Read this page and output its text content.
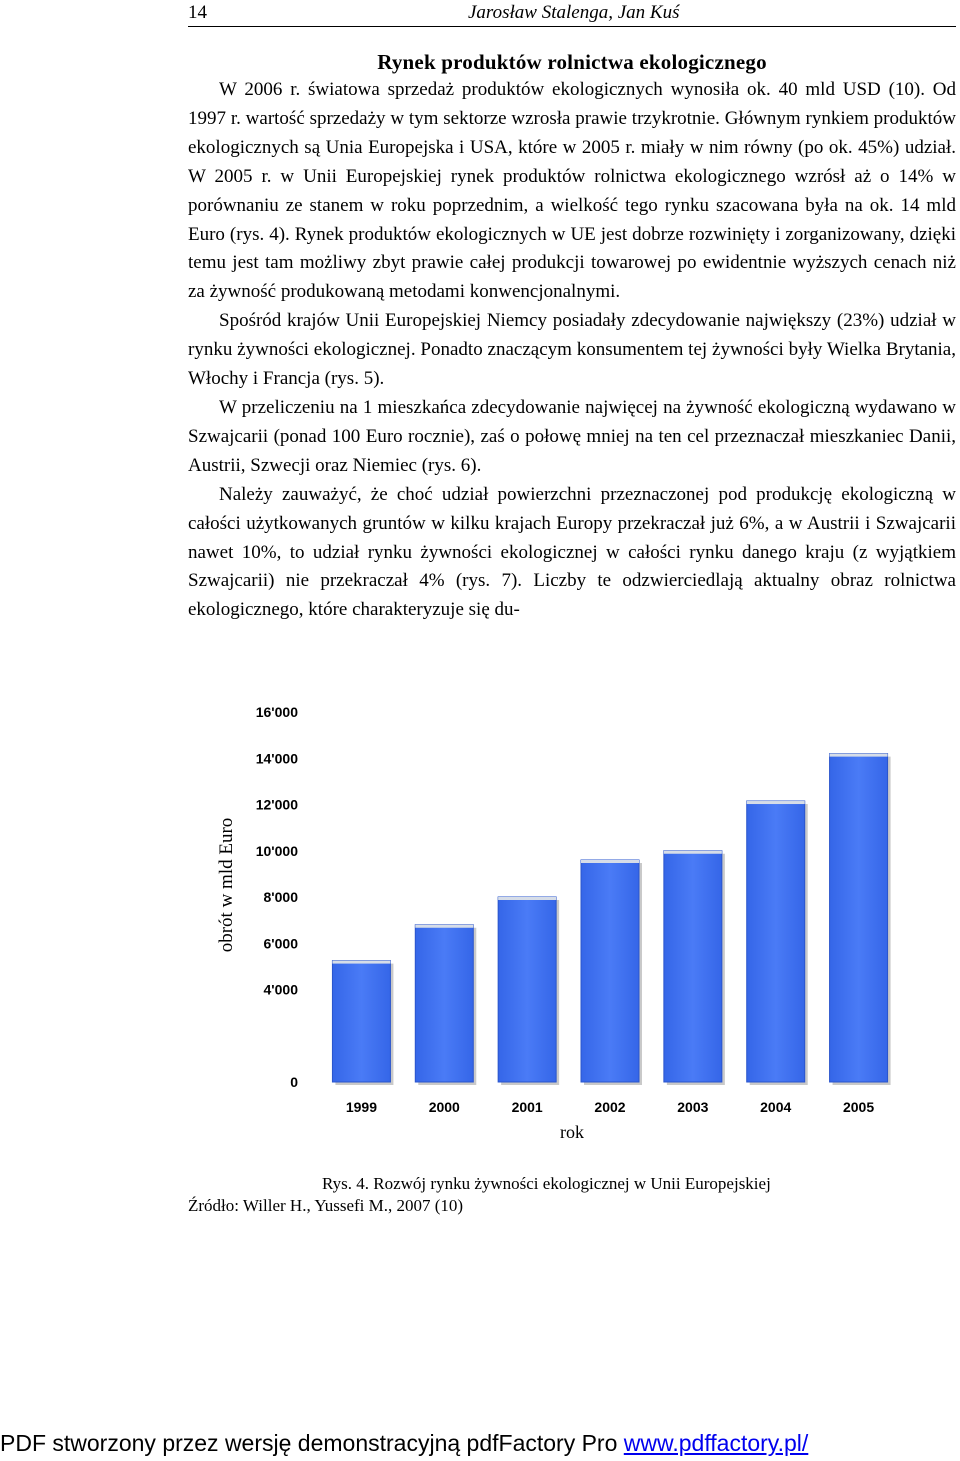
14	Jarosław Stalenga, Jan Kuś
Rynek produktów rolnictwa ekologicznego

W 2006 r. światowa sprzedaż produktów ekologicznych wynosiła ok. 40 mld USD (10). Od 1997 r. wartość sprzedaży w tym sektorze wzrosła prawie trzykrotnie. Głównym rynkiem produktów ekologicznych są Unia Europejska i USA, które w 2005 r. miały w nim równy (po ok. 45%) udział. W 2005 r. w Unii Europejskiej rynek produktów rolnictwa ekologicznego wzrósł aż o 14% w porównaniu ze stanem w roku poprzednim, a wielkość tego rynku szacowana była na ok. 14 mld Euro (rys. 4). Rynek produktów ekologicznych w UE jest dobrze rozwinięty i zorganizowany, dzięki temu jest tam możliwy zbyt prawie całej produkcji towarowej po ewidentnie wyższych cenach niż za żywność produkowaną metodami konwencjonalnymi.

Spośród krajów Unii Europejskiej Niemcy posiadały zdecydowanie największy (23%) udział w rynku żywności ekologicznej. Ponadto znaczącym konsumentem tej żywności były Wielka Brytania, Włochy i Francja (rys. 5).

W przeliczeniu na 1 mieszkańca zdecydowanie najwięcej na żywność ekologiczną wydawano w Szwajcarii (ponad 100 Euro rocznie), zaś o połowę mniej na ten cel przeznaczał mieszkaniec Danii, Austrii, Szwecji oraz Niemiec (rys. 6).

Należy zauważyć, że choć udział powierzchni przeznaczonej pod produkcję ekologiczną w całości użytkowanych gruntów w kilku krajach Europy przekraczał już 6%, a w Austrii i Szwajcarii nawet 10%, to udział rynku żywności ekologicznej w całości rynku danego kraju (z wyjątkiem Szwajcarii) nie przekraczał 4% (rys. 7). Liczby te odzwierciedlają aktualny obraz rolnictwa ekologicznego, które charakteryzuje się du-

0
4'000
6'000
8'000
10'000
12'000
14'000
16'000
1999	2000	2001	2002	2003	2004	2005
rok
obrót w mld Euro
Rys. 4. Rozwój rynku żywności ekologicznej w Unii Europejskiej
Źródło: Willer H., Yussefi M., 2007 (10)
PDF stworzony przez wersję demonstracyjną pdfFactory Pro www.pdffactory.pl/
